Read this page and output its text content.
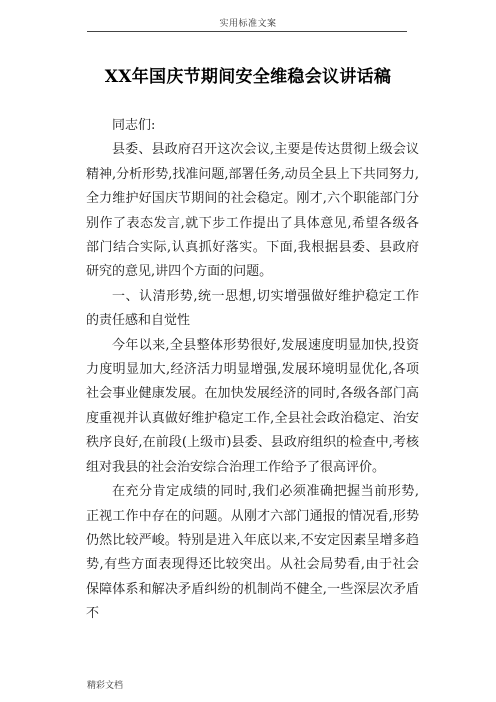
实用标准文案
XX年国庆节期间安全维稳会议讲话稿

同志们:

县委、县政府召开这次会议,主要是传达贯彻上级会议精神,分析形势,找准问题,部署任务,动员全县上下共同努力,全力维护好国庆节期间的社会稳定。刚才,六个职能部门分别作了表态发言,就下步工作提出了具体意见,希望各级各部门结合实际,认真抓好落实。下面,我根据县委、县政府研究的意见,讲四个方面的问题。

一、认清形势,统一思想,切实增强做好维护稳定工作的责任感和自觉性

今年以来,全县整体形势很好,发展速度明显加快,投资力度明显加大,经济活力明显增强,发展环境明显优化,各项社会事业健康发展。在加快发展经济的同时,各级各部门高度重视并认真做好维护稳定工作,全县社会政治稳定、治安秩序良好,在前段(上级市)县委、县政府组织的检查中,考核组对我县的社会治安综合治理工作给予了很高评价。

在充分肯定成绩的同时,我们必须准确把握当前形势,正视工作中存在的问题。从刚才六部门通报的情况看,形势仍然比较严峻。特别是进入年底以来,不安定因素呈增多趋势,有些方面表现得还比较突出。从社会局势看,由于社会保障体系和解决矛盾纠纷的机制尚不健全,一些深层次矛盾不

精彩文档
